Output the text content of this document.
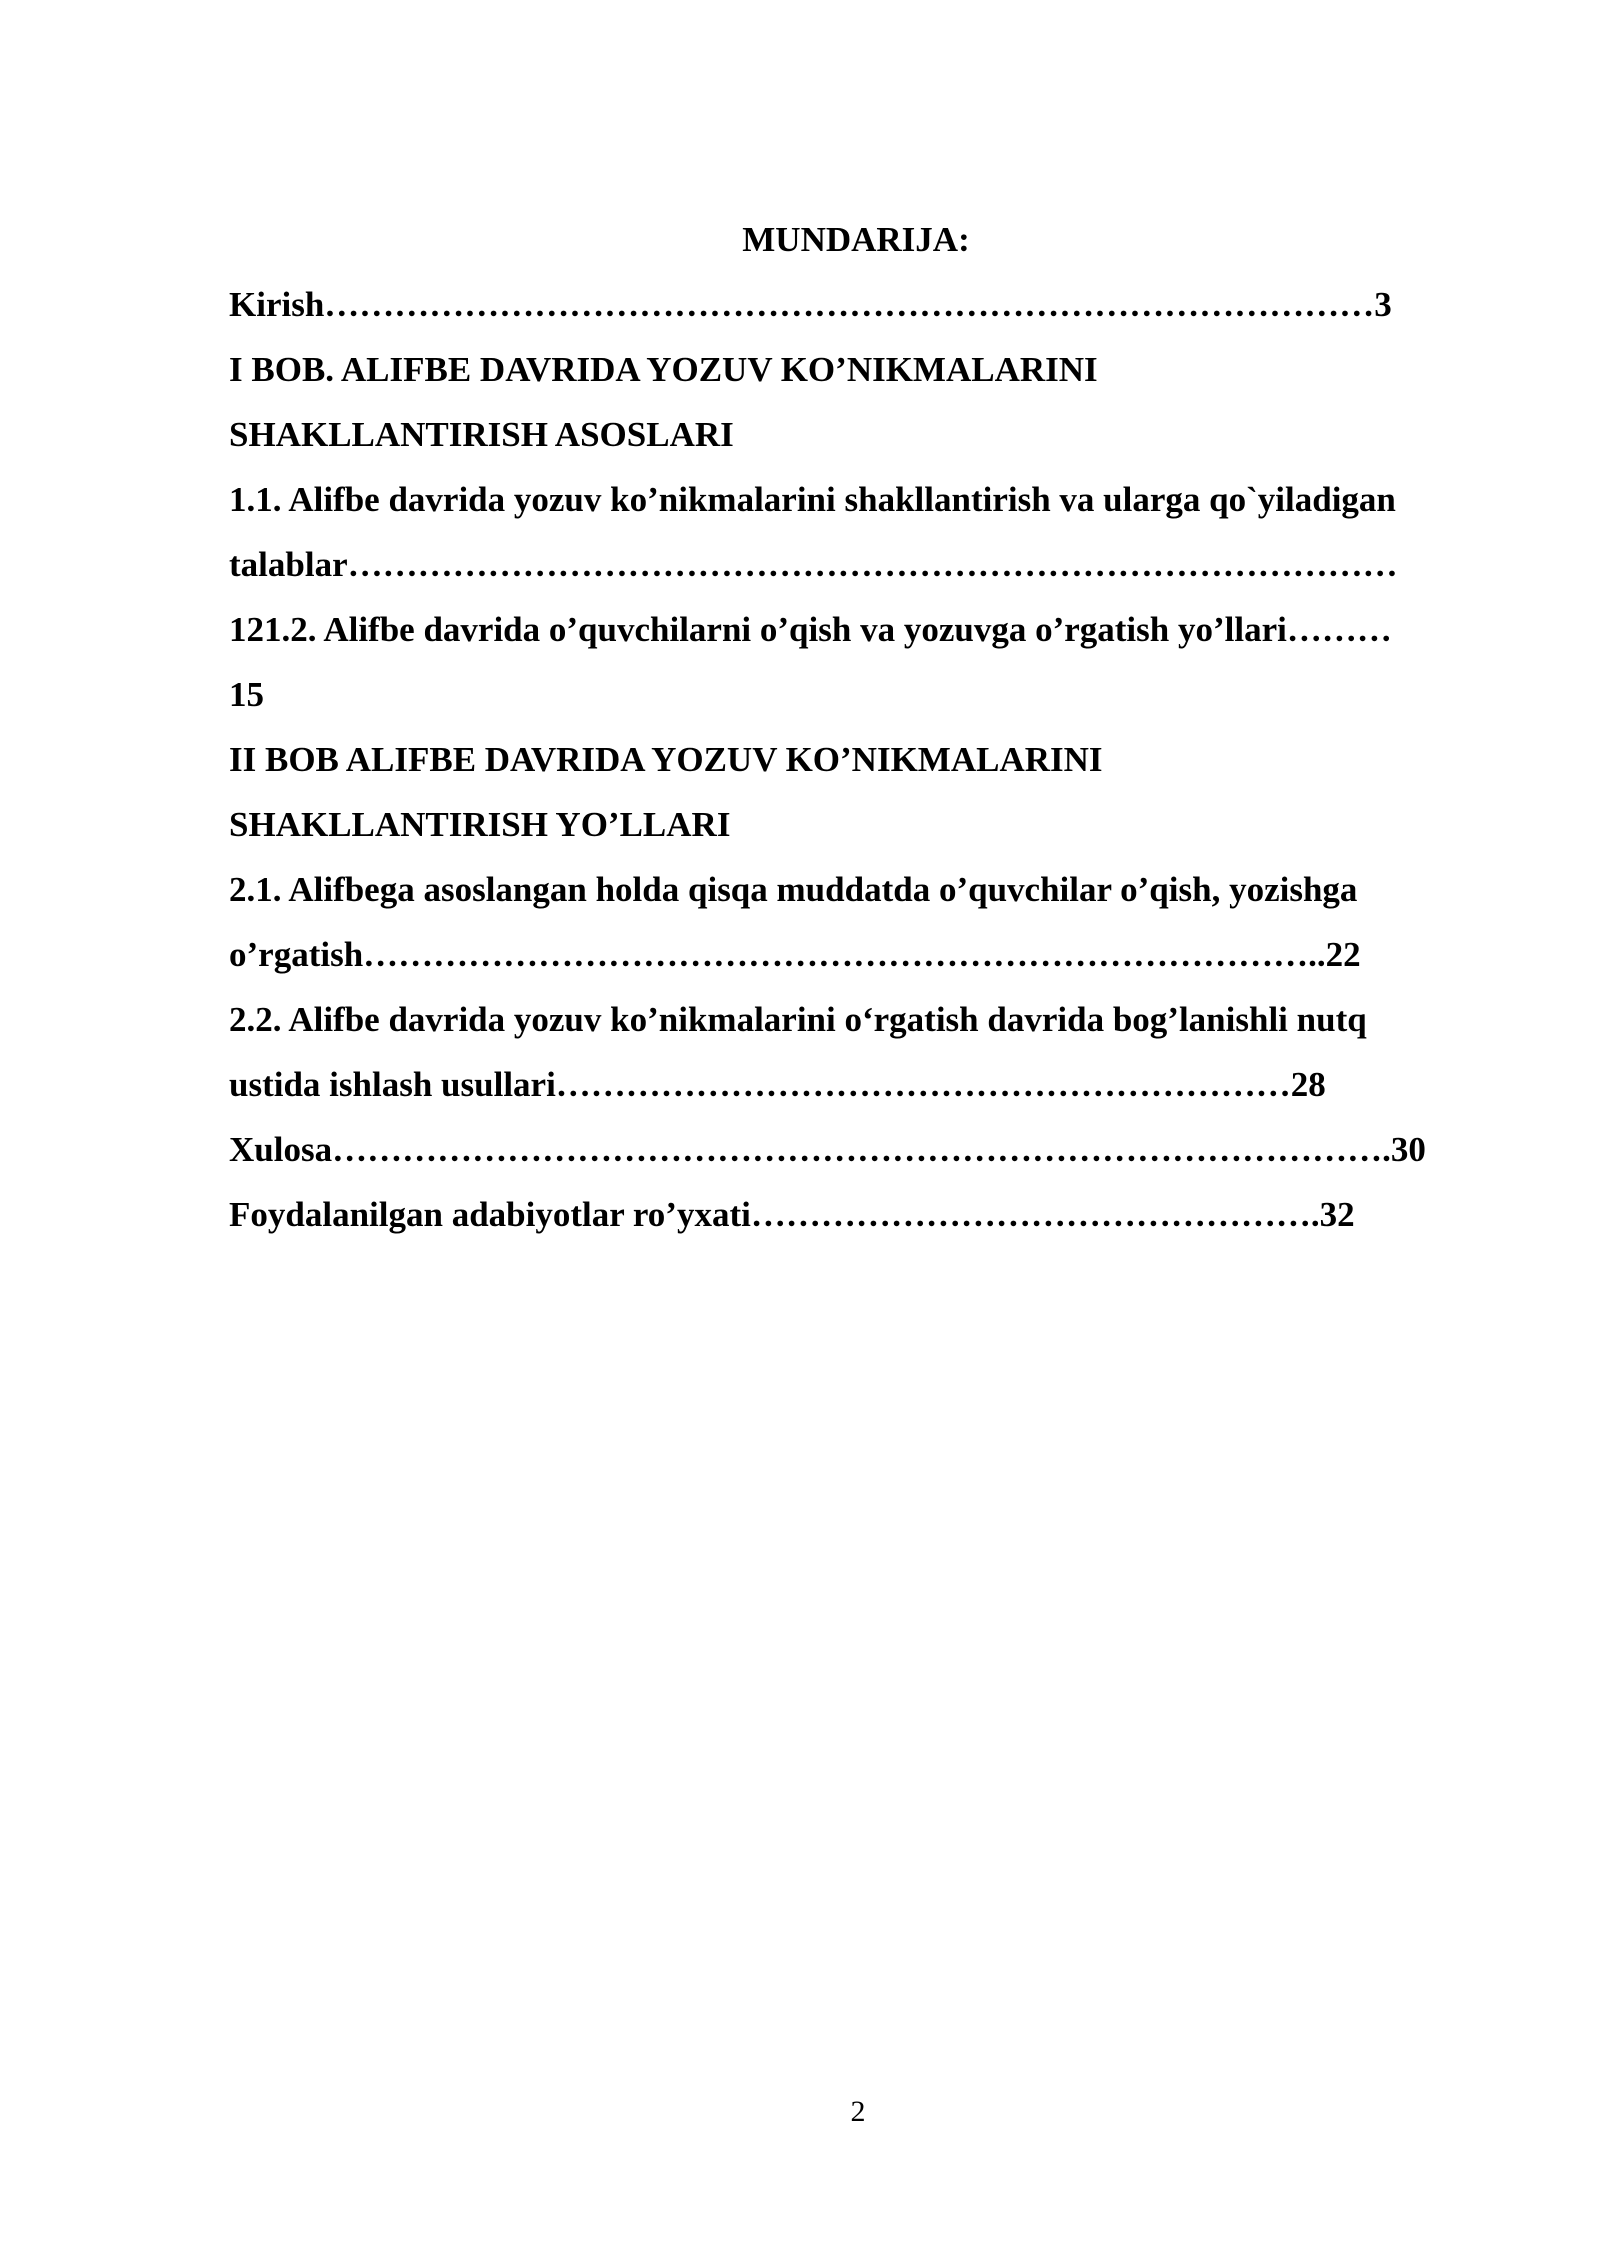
MUNDARIJA:
Kirish………………………………………………………………………………3
I BOB. ALIFBE DAVRIDA YOZUV KO’NIKMALARINI
SHAKLLANTIRISH ASOSLARI
1.1. Alifbe davrida yozuv ko’nikmalarini shakllantirish va ularga qo`yiladigan
talablar………………………………………………………………………………
121.2. Alifbe davrida o’quvchilarni o’qish va yozuvga o’rgatish yo’llari………
15
II BOB ALIFBE DAVRIDA YOZUV KO’NIKMALARINI
SHAKLLANTIRISH YO’LLARI
2.1. Alifbega asoslangan holda qisqa muddatda o’quvchilar o’qish, yozishga
o’rgatish………………………………………………………………………..22
2.2. Alifbe davrida yozuv ko’nikmalarini o‘rgatish davrida bog’lanishli nutq
ustida ishlash usullari………………………………………………………28
Xulosa……………………………………………………………………………….30
Foydalanilgan adabiyotlar ro’yxati………………………………………….32
2
